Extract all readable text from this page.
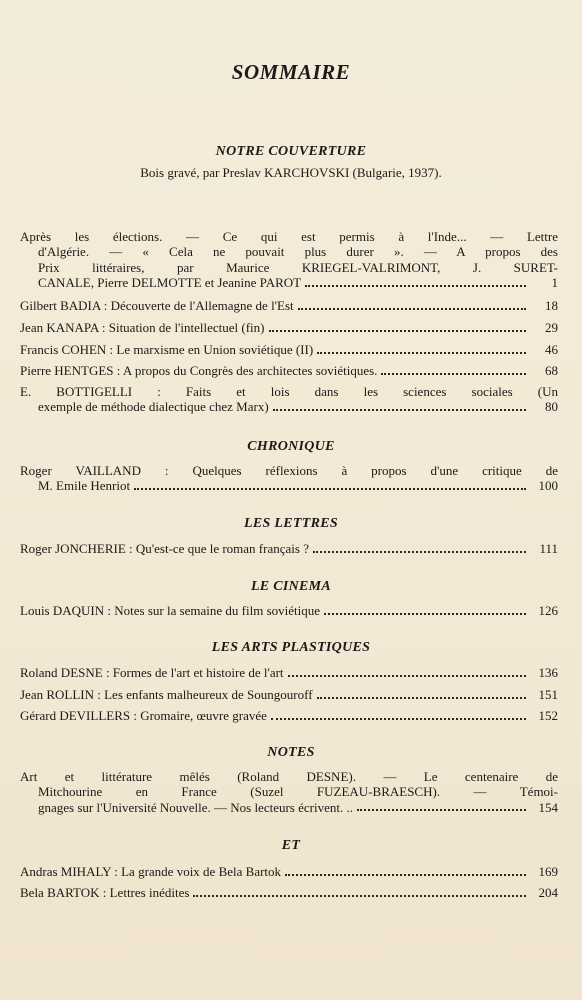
SOMMAIRE
NOTRE COUVERTURE
Bois gravé, par Preslav KARCHOVSKI (Bulgarie, 1937).
Après les élections. — Ce qui est permis à l'Inde... — Lettre
d'Algérie. — « Cela ne pouvait plus durer ». — A propos des
Prix littéraires, par Maurice KRIEGEL-VALRIMONT, J. SURET-
CANALE, Pierre DELMOTTE et Jeanine PAROT	1
Gilbert BADIA : Découverte de l'Allemagne de l'Est	18
Jean KANAPA : Situation de l'intellectuel (fin)	29
Francis COHEN : Le marxisme en Union soviétique (II)	46
Pierre HENTGES : A propos du Congrès des architectes soviétiques.	68
E. BOTTIGELLI : Faits et lois dans les sciences sociales (Un
exemple de méthode dialectique chez Marx)	80
CHRONIQUE
Roger VAILLAND : Quelques réflexions à propos d'une critique de
M. Emile Henriot	100
LES LETTRES
Roger JONCHERIE : Qu'est-ce que le roman français ?	111
LE CINEMA
Louis DAQUIN : Notes sur la semaine du film soviétique	126
LES ARTS PLASTIQUES
Roland DESNE : Formes de l'art et histoire de l'art	136
Jean ROLLIN : Les enfants malheureux de Soungouroff	151
Gérard DEVILLERS : Gromaire, œuvre gravée	152
NOTES
Art et littérature mêlés (Roland DESNE). — Le centenaire de
Mitchourine en France (Suzel FUZEAU-BRAESCH). — Témoi-
gnages sur l'Université Nouvelle. — Nos lecteurs écrivent. ..	154
ET
Andras MIHALY : La grande voix de Bela Bartok	169
Bela BARTOK : Lettres inédites	204
